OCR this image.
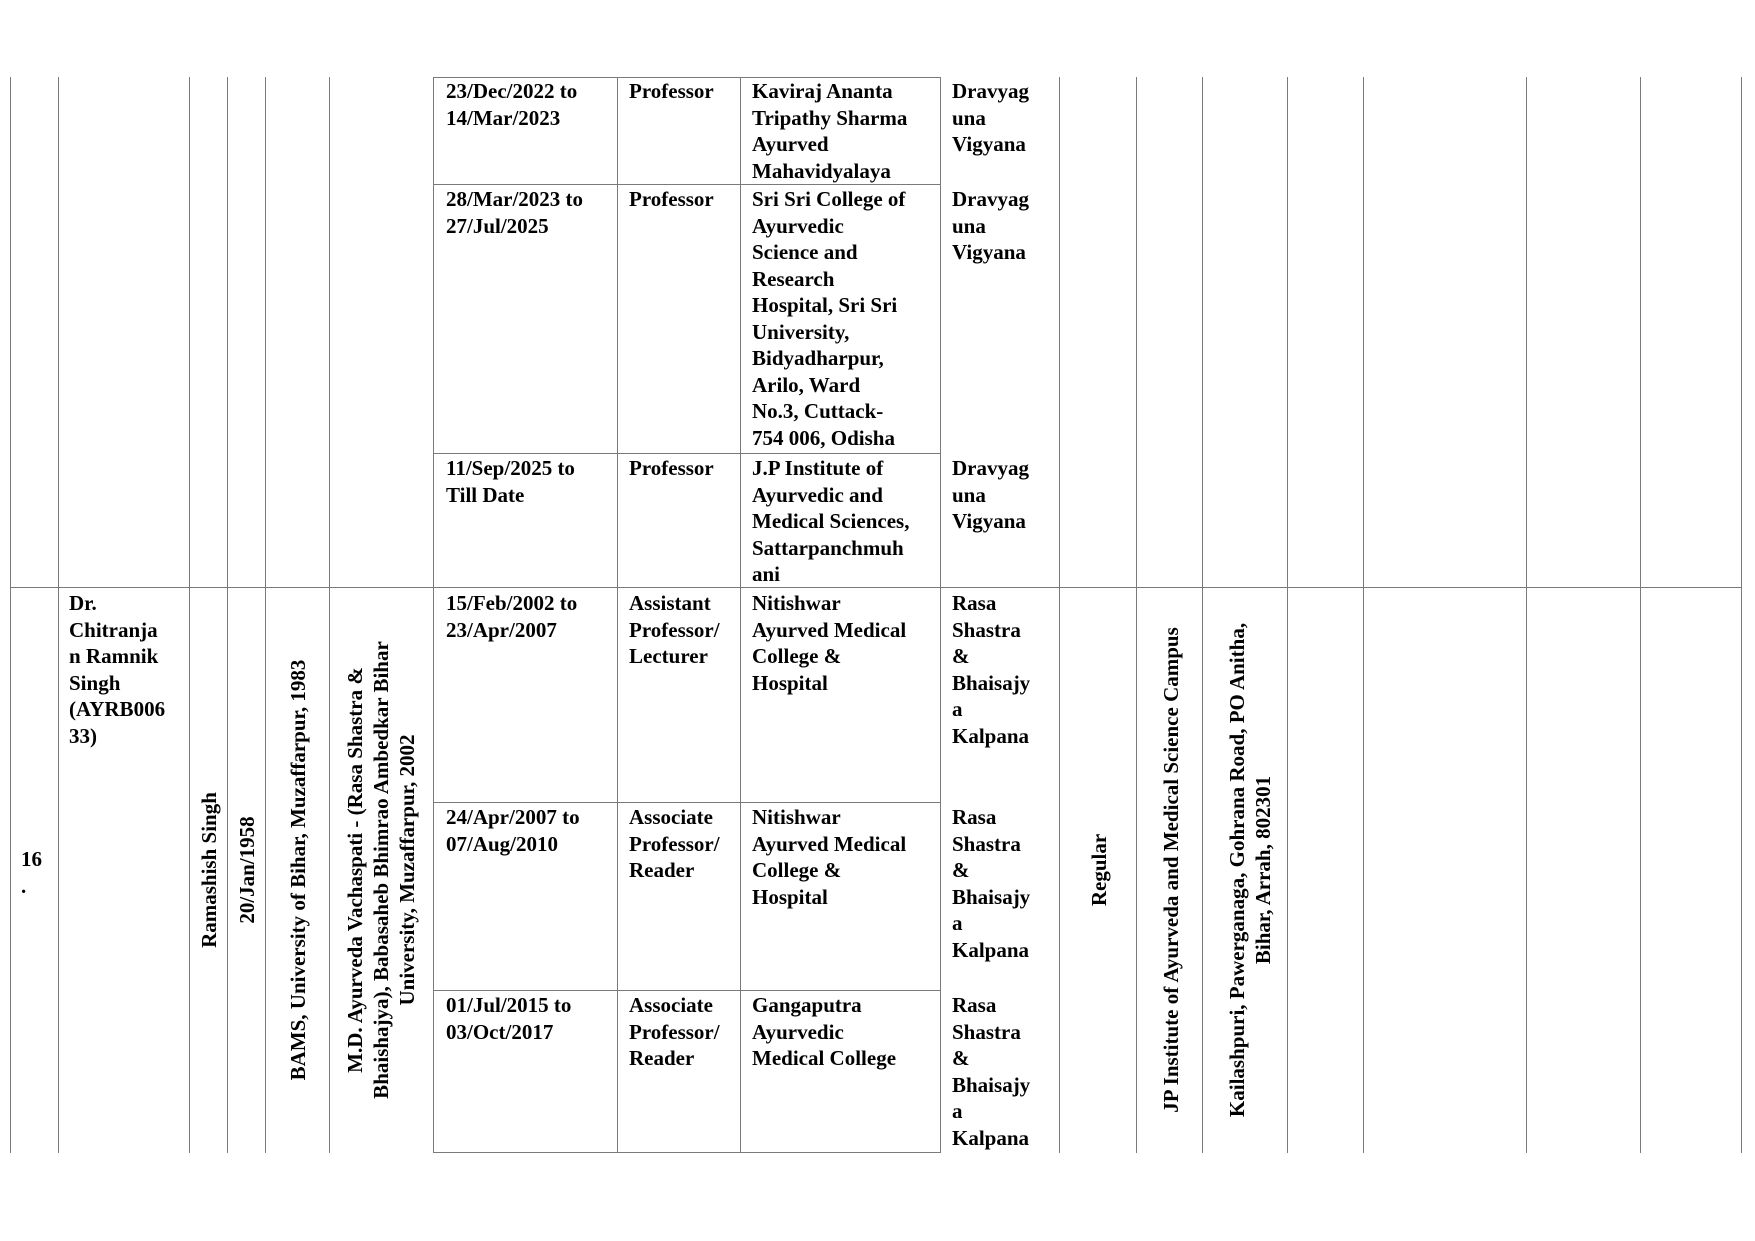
23/Dec/2022 to
14/Mar/2023
Professor Kaviraj Ananta
Tripathy Sharma
Ayurved
Mahavidyalaya
Dravyag
una
Vigyana
28/Mar/2023 to
27/Jul/2025
Professor Sri Sri College of
Ayurvedic
Science and
Research
Hospital, Sri Sri
University,
Bidyadharpur,
Arilo, Ward
No.3, Cuttack-
754 006, Odisha
Dravyag
una
Vigyana
11/Sep/2025 to
Till Date
Professor J.P Institute of
Ayurvedic and
Medical Sciences,
Sattarpanchmuh
ani
Dravyag
una
Vigyana
16
.
Dr.
Chitranja
n Ramnik
Singh
(AYRB006
33)
Ramashish Singh 20/Jan/1958 BAMS, University of Bihar, Muzaffarpur, 1983 M.D. Ayurveda Vachaspati - (Rasa Shastra & Bhaishajya), Babasaheb Bhimrao Ambedkar Bihar University, Muzaffarpur, 2002
15/Feb/2002 to
23/Apr/2007
Assistant
Professor/
Lecturer
Nitishwar
Ayurved Medical
College &
Hospital
Rasa
Shastra
&
Bhaisajy
a
Kalpana
24/Apr/2007 to
07/Aug/2010
Associate
Professor/
Reader
Nitishwar
Ayurved Medical
College &
Hospital
Rasa
Shastra
&
Bhaisajy
a
Kalpana
01/Jul/2015 to
03/Oct/2017
Associate
Professor/
Reader
Gangaputra
Ayurvedic
Medical College
Rasa
Shastra
&
Bhaisajy
a
Kalpana
Regular JP Institute of Ayurveda and Medical Science Campus Kailashpuri, Pawerganaga, Gohrana Road, PO Anitha, Bihar, Arrah, 802301
